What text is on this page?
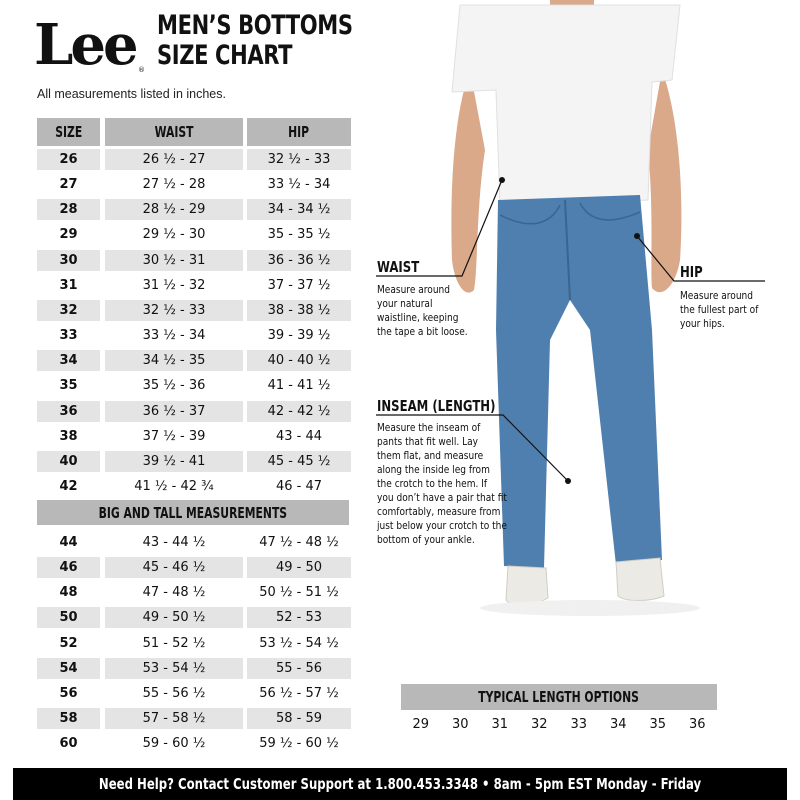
Lee ®
MEN’S BOTTOMS
SIZE CHART
All measurements listed in inches.
SIZE	WAIST	HIP
26	26 ½ - 27	32 ½ - 33
27	27 ½ - 28	33 ½ - 34
28	28 ½ - 29	34 - 34 ½
29	29 ½ - 30	35 - 35 ½
30	30 ½ - 31	36 - 36 ½
31	31 ½ - 32	37 - 37 ½
32	32 ½ - 33	38 - 38 ½
33	33 ½ - 34	39 - 39 ½
34	34 ½ - 35	40 - 40 ½
35	35 ½ - 36	41 - 41 ½
36	36 ½ - 37	42 - 42 ½
38	37 ½ - 39	43 - 44
40	39 ½ - 41	45 - 45 ½
42	41 ½ - 42 ¾	46 - 47
BIG AND TALL MEASUREMENTS
44	43 - 44 ½	47 ½ - 48 ½
46	45 - 46 ½	49 - 50
48	47 - 48 ½	50 ½ - 51 ½
50	49 - 50 ½	52 - 53
52	51 - 52 ½	53 ½ - 54 ½
54	53 - 54 ½	55 - 56
56	55 - 56 ½	56 ½ - 57 ½
58	57 - 58 ½	58 - 59
60	59 - 60 ½	59 ½ - 60 ½
WAIST
Measure around
your natural
waistline, keeping
the tape a bit loose.
HIP
Measure around
the fullest part of
your hips.
INSEAM (LENGTH)
Measure the inseam of
pants that fit well. Lay
them flat, and measure
along the inside leg from
the crotch to the hem. If
you don’t have a pair that fit
comfortably, measure from
just below your crotch to the
bottom of your ankle.
TYPICAL LENGTH OPTIONS
29 30 31 32 33 34 35 36
Need Help? Contact Customer Support at 1.800.453.3348 • 8am - 5pm EST Monday - Friday
